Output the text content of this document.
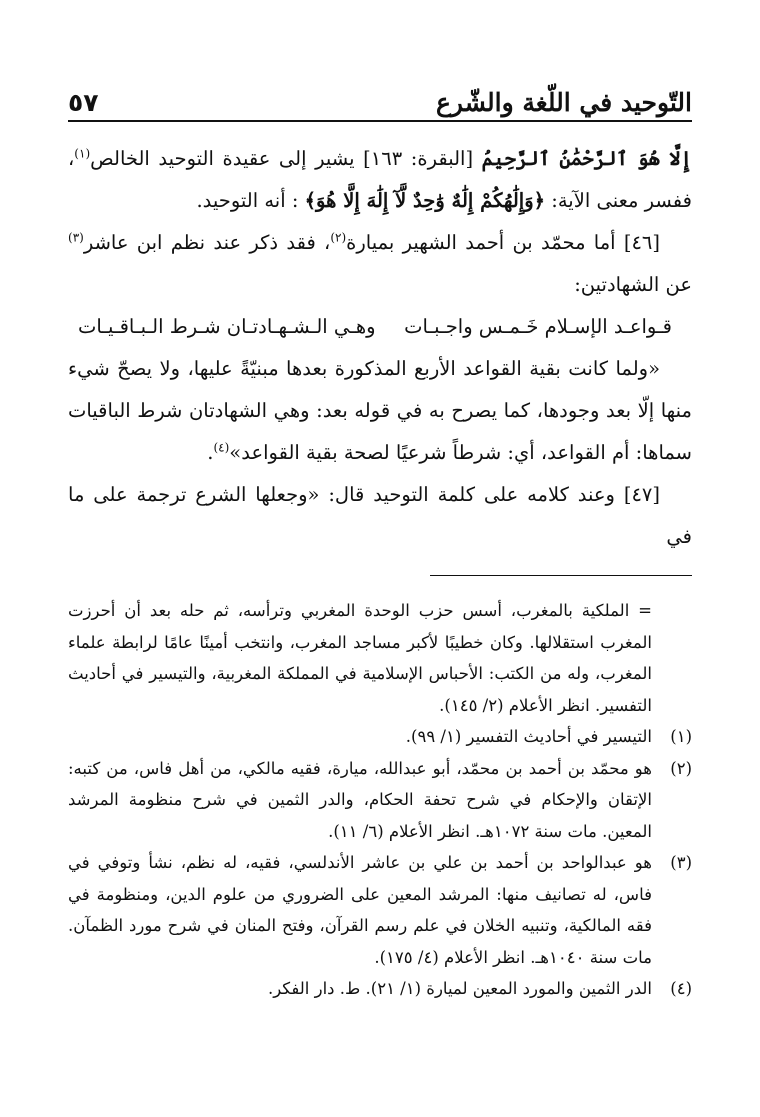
التّوحيد في اللّغة والشّرع
٥٧

إِلَّا هُوَ ٱلرَّحْمَٰنُ ٱلرَّحِيمُ [البقرة: ١٦٣] يشير إلى عقيدة التوحيد الخالص$^{(١)}$، ففسر معنى الآية: ﴿وَإِلَٰهُكُمْ إِلَٰهٌ وَٰحِدٌ لَّآ إِلَٰهَ إِلَّا هُوَ﴾ : أنه التوحيد.

[٤٦] أما محمّد بن أحمد الشهير بميارة$^{(٢)}$، فقد ذكر عند نظم ابن عاشر$^{(٣)}$ عن الشهادتين:

قـواعـد الإسـلام خَـمـس واجـبـات
وهـي الـشـهـادتـان شـرط الـبـاقـيـات

«ولما كانت بقية القواعد الأربع المذكورة بعدها مبنيّةً عليها، ولا يصحّ شيء منها إلّا بعد وجودها، كما يصرح به في قوله بعد: وهي الشهادتان شرط الباقيات سماها: أم القواعد، أي: شرطاً شرعيًا لصحة بقية القواعد»$^{(٤)}$.

[٤٧] وعند كلامه على كلمة التوحيد قال: «وجعلها الشرع ترجمة على ما في

= الملكية بالمغرب، أسس حزب الوحدة المغربي وترأسه، ثم حله بعد أن أحرزت المغرب استقلالها. وكان خطيبًا لأكبر مساجد المغرب، وانتخب أمينًا عامًا لرابطة علماء المغرب، وله من الكتب: الأحباس الإسلامية في المملكة المغربية، والتيسير في أحاديث التفسير. انظر الأعلام (٢/ ١٤٥).

(١)
التيسير في أحاديث التفسير (١/ ٩٩).
(٢)
هو محمّد بن أحمد بن محمّد، أبو عبدالله، ميارة، فقيه مالكي، من أهل فاس، من كتبه: الإتقان والإحكام في شرح تحفة الحكام، والدر الثمين في شرح منظومة المرشد المعين. مات سنة ١٠٧٢هـ. انظر الأعلام (٦/ ١١).
(٣)
هو عبدالواحد بن أحمد بن علي بن عاشر الأندلسي، فقيه، له نظم، نشأ وتوفي في فاس، له تصانيف منها: المرشد المعين على الضروري من علوم الدين، ومنظومة في فقه المالكية، وتنبيه الخلان في علم رسم القرآن، وفتح المنان في شرح مورد الظمآن. مات سنة ١٠٤٠هـ. انظر الأعلام (٤/ ١٧٥).
(٤)
الدر الثمين والمورد المعين لميارة (١/ ٢١). ط. دار الفكر.
